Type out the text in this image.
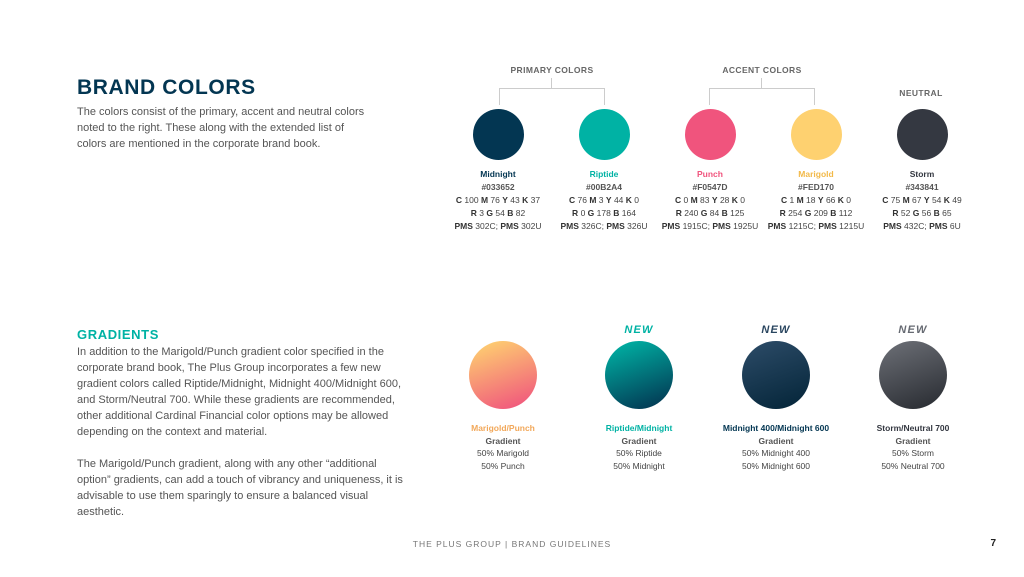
BRAND COLORS
The colors consist of the primary, accent and neutral colors noted to the right. These along with the extended list of colors are mentioned in the corporate brand book.
PRIMARY COLORS	ACCENT COLORS
NEUTRAL
Midnight
#033652
C 100 M 76 Y 43 K 37
R 3 G 54 B 82
PMS 302C; PMS 302U
Riptide
#00B2A4
C 76 M 3 Y 44 K 0
R 0 G 178 B 164
PMS 326C; PMS 326U
Punch
#F0547D
C 0 M 83 Y 28 K 0
R 240 G 84 B 125
PMS 1915C; PMS 1925U
Marigold
#FED170
C 1 M 18 Y 66 K 0
R 254 G 209 B 112
PMS 1215C; PMS 1215U
Storm
#343841
C 75 M 67 Y 54 K 49
R 52 G 56 B 65
PMS 432C; PMS 6U
GRADIENTS

In addition to the Marigold/Punch gradient color specified in the corporate brand book, The Plus Group incorporates a few new gradient colors called Riptide/Midnight, Midnight 400/Midnight 600, and Storm/Neutral 700. While these gradients are recommended, other additional Cardinal Financial color options may be allowed depending on the context and material.

The Marigold/Punch gradient, along with any other “additional option” gradients, can add a touch of vibrancy and uniqueness, it is advisable to use them sparingly to ensure a balanced visual aesthetic.

Marigold/Punch
Gradient
50% Marigold
50% Punch
NEW
Riptide/Midnight
Gradient
50% Riptide
50% Midnight
NEW
Midnight 400/Midnight 600
Gradient
50% Midnight 400
50% Midnight 600
NEW
Storm/Neutral 700
Gradient
50% Storm
50% Neutral 700
THE PLUS GROUP | BRAND GUIDELINES	7
